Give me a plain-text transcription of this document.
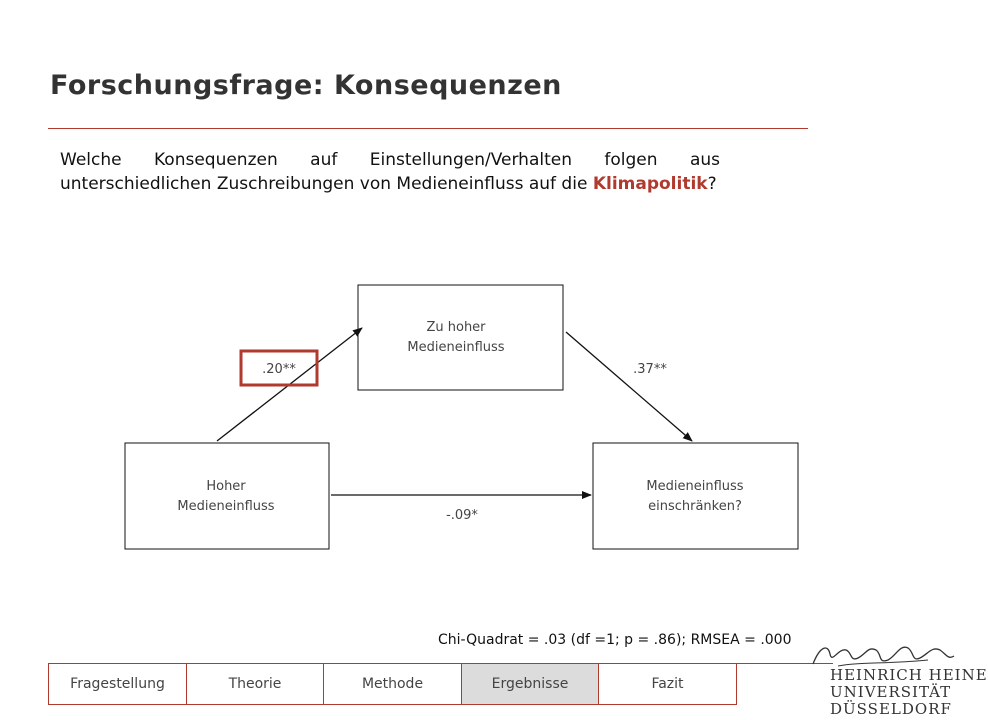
Forschungsfrage: Konsequenzen
Welche Konsequenzen auf Einstellungen/Verhalten folgen aus unterschiedlichen Zuschreibungen von Medieneinfluss auf die Klimapolitik?
Zu hoher
Medieneinfluss
Hoher
Medieneinfluss
Medieneinfluss
einschränken?
.20**	.37**
-.09*
Chi-Quadrat = .03 (df =1; p = .86); RMSEA = .000
Fragestellung	Theorie	Methode	Ergebnisse	Fazit	HEINRICH HEINE
UNIVERSITÄT
DÜSSELDORF
